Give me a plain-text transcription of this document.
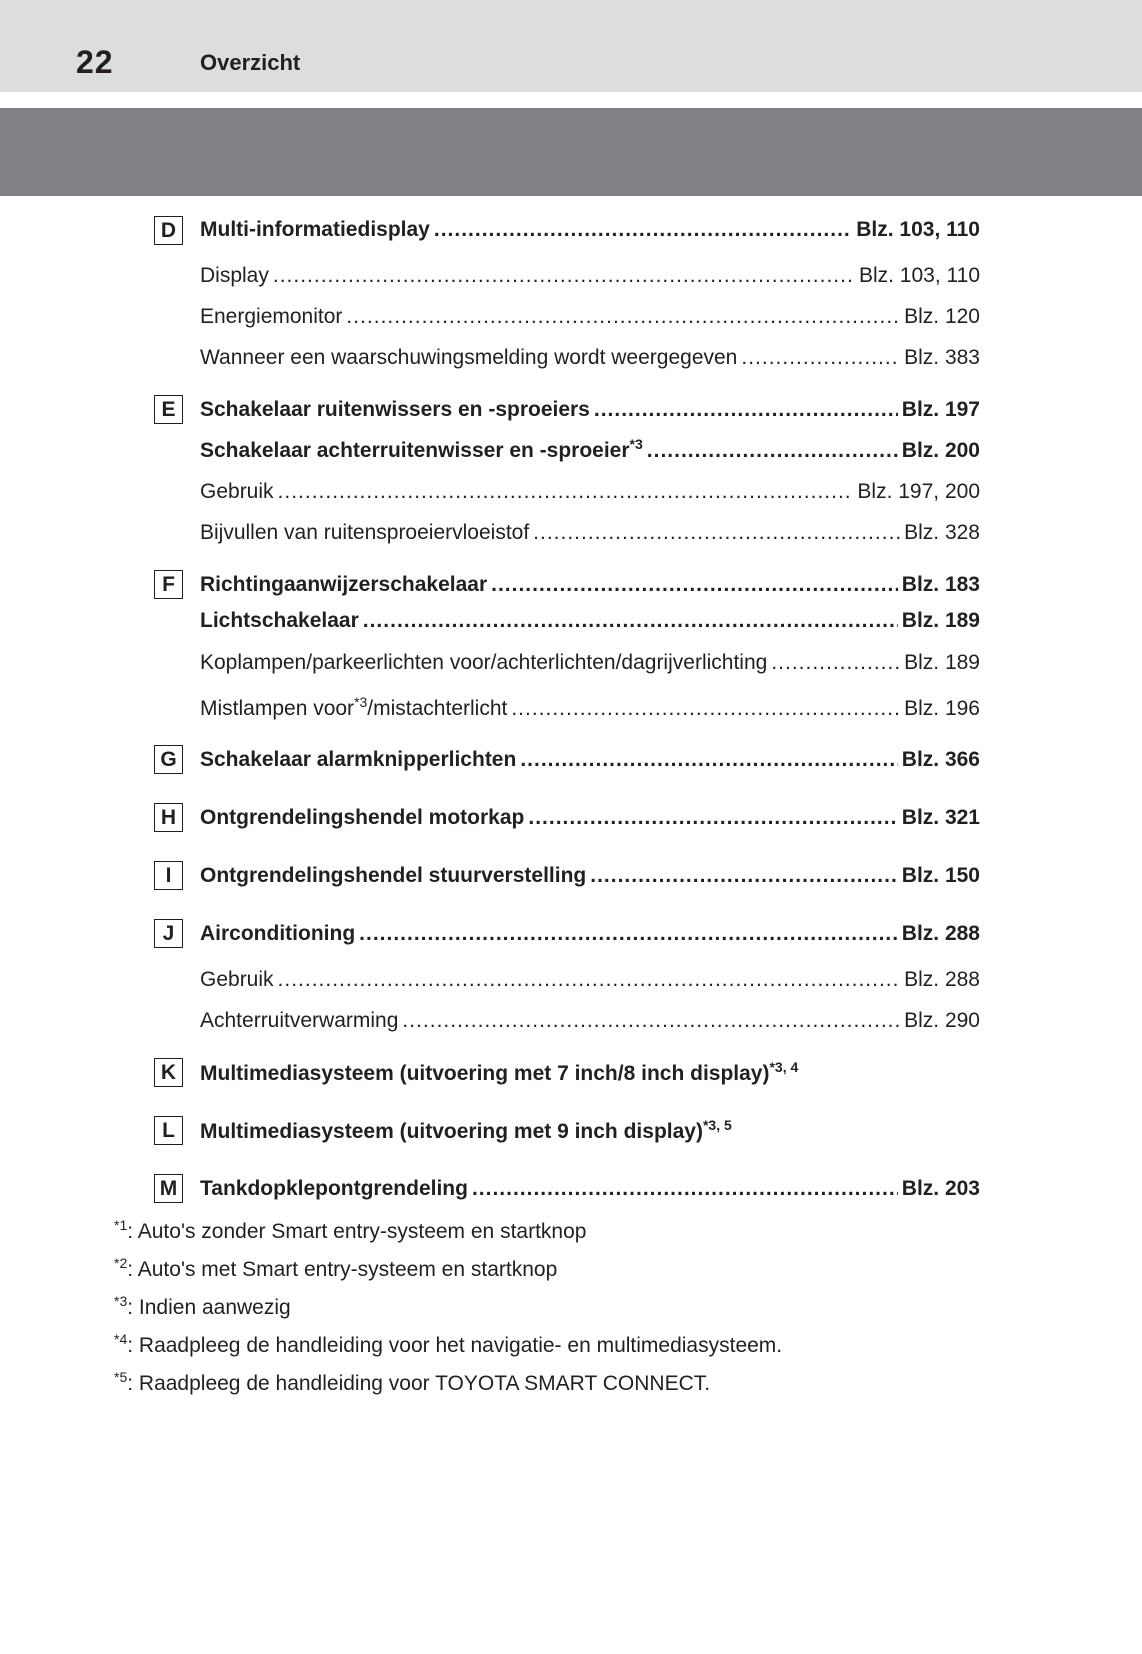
22	Overzicht
D	Multi-informatiedisplay .....	Blz. 103, 110
Display .....	Blz. 103, 110
Energiemonitor .....	Blz. 120
Wanneer een waarschuwingsmelding wordt weergegeven .....	Blz. 383
E	Schakelaar ruitenwissers en -sproeiers .....	Blz. 197
Schakelaar achterruitenwisser en -sproeier$^{*3}$ .....	Blz. 200
Gebruik .....	Blz. 197, 200
Bijvullen van ruitensproeiervloeistof .....	Blz. 328
F	Richtingaanwijzerschakelaar .....	Blz. 183
Lichtschakelaar .....	Blz. 189
Koplampen/parkeerlichten voor/achterlichten/dagrijverlichting .....	Blz. 189
Mistlampen voor$^{*3}$/mistachterlicht .....	Blz. 196
G	Schakelaar alarmknipperlichten .....	Blz. 366
H	Ontgrendelingshendel motorkap .....	Blz. 321
I	Ontgrendelingshendel stuurverstelling .....	Blz. 150
J	Airconditioning .....	Blz. 288
Gebruik .....	Blz. 288
Achterruitverwarming .....	Blz. 290
K	Multimediasysteem (uitvoering met 7 inch/8 inch display)$^{*3, 4}$
L	Multimediasysteem (uitvoering met 9 inch display)$^{*3, 5}$
M Tankdopklepontgrendeling .....	Blz. 203
$^{*1}$: Auto's zonder Smart entry-systeem en startknop
$^{*2}$: Auto's met Smart entry-systeem en startknop
$^{*3}$: Indien aanwezig
$^{*4}$: Raadpleeg de handleiding voor het navigatie- en multimediasysteem.
$^{*5}$: Raadpleeg de handleiding voor TOYOTA SMART CONNECT.
